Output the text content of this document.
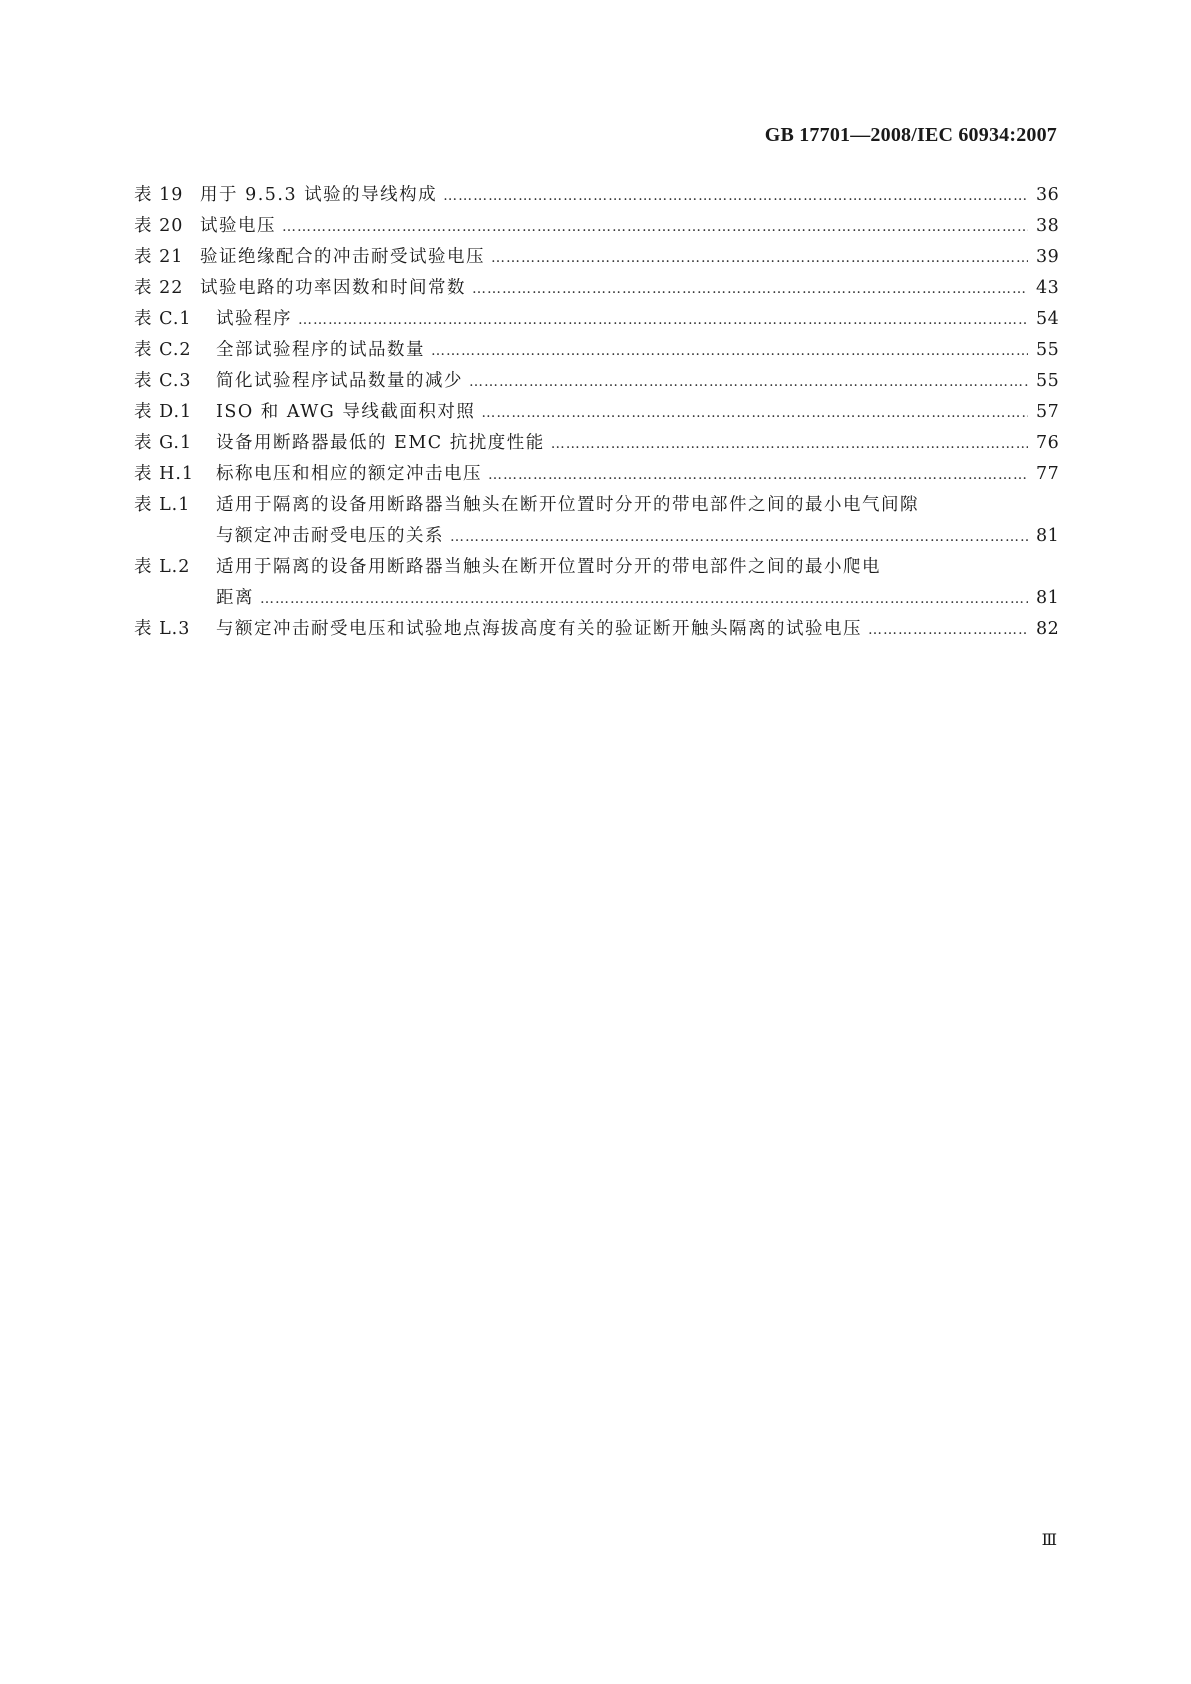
GB 17701—2008/IEC 60934:2007
表 19 用于 9.5.3 试验的导线构成 ……………………………………………………………………………………………………………………………………………………………………………………………………………………	36
表 20 试验电压 ……………………………………………………………………………………………………………………………………………………………………………………………………………………	38
表 21 验证绝缘配合的冲击耐受试验电压 ……………………………………………………………………………………………………………………………………………………………………………………………………………………	39
表 22 试验电路的功率因数和时间常数 ……………………………………………………………………………………………………………………………………………………………………………………………………………………	43
表 C.1	试验程序 ……………………………………………………………………………………………………………………………………………………………………………………………………………………	54
表 C.2	全部试验程序的试品数量 ……………………………………………………………………………………………………………………………………………………………………………………………………………………	55
表 C.3	简化试验程序试品数量的减少 ……………………………………………………………………………………………………………………………………………………………………………………………………………………	55
表 D.1	ISO 和 AWG 导线截面积对照 ……………………………………………………………………………………………………………………………………………………………………………………………………………………	57
表 G.1	设备用断路器最低的 EMC 抗扰度性能 ……………………………………………………………………………………………………………………………………………………………………………………………………………………	76
表 H.1	标称电压和相应的额定冲击电压 ……………………………………………………………………………………………………………………………………………………………………………………………………………………	77
表 L.1	适用于隔离的设备用断路器当触头在断开位置时分开的带电部件之间的最小电气间隙
与额定冲击耐受电压的关系 ……………………………………………………………………………………………………………………………………………………………………………………………………………………	81
表 L.2	适用于隔离的设备用断路器当触头在断开位置时分开的带电部件之间的最小爬电
距离 ……………………………………………………………………………………………………………………………………………………………………………………………………………………	81
表 L.3	与额定冲击耐受电压和试验地点海拔高度有关的验证断开触头隔离的试验电压 ……………………………………………………………………………………………………………………………………………………………………………………………………………………	82
Ⅲ
